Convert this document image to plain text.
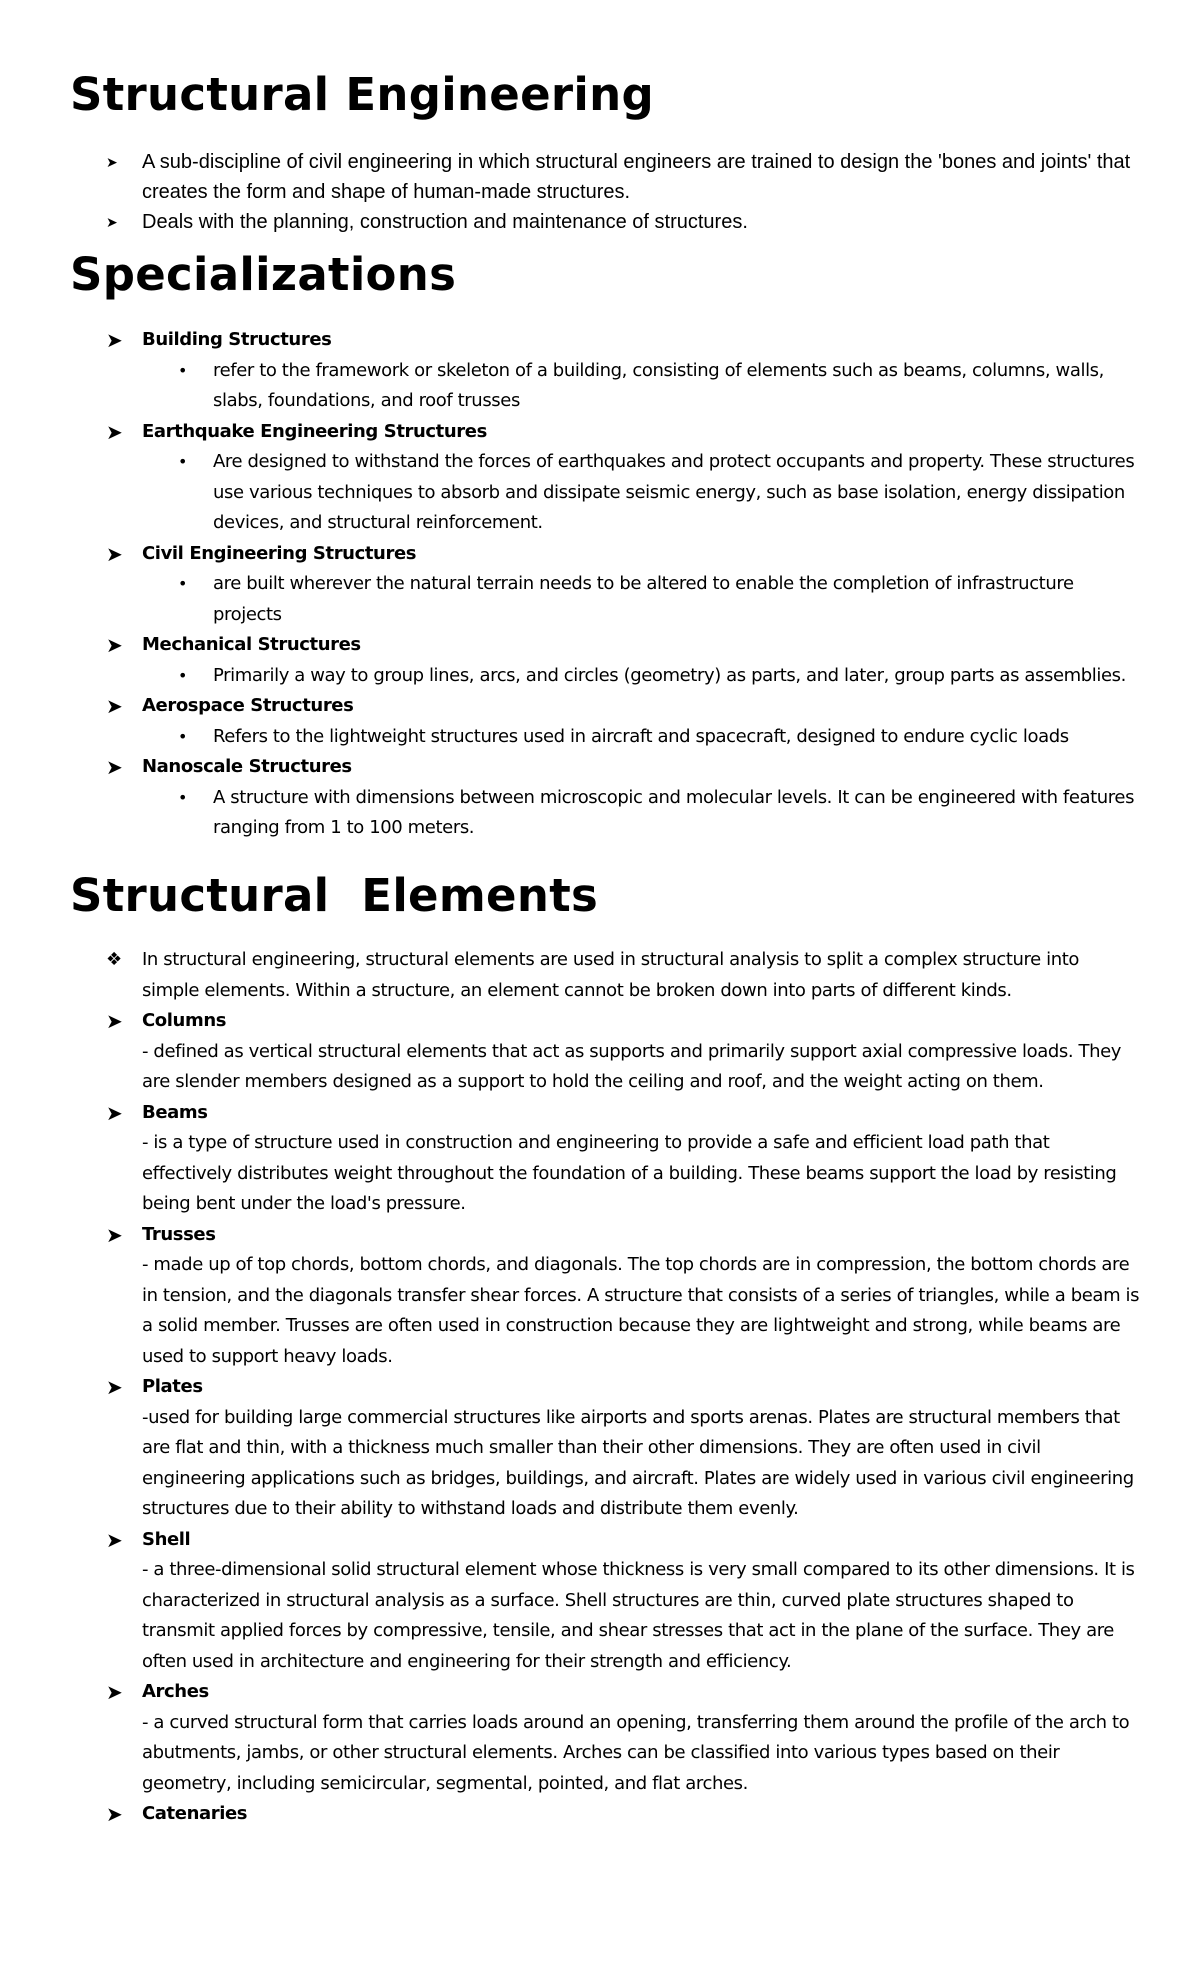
Structural Engineering
➤ A sub-discipline of civil engineering in which structural engineers are trained to design the 'bones and joints' that creates the form and shape of human-made structures.
➤ Deals with the planning, construction and maintenance of structures.
Specializations
➤ Building Structures
• refer to the framework or skeleton of a building, consisting of elements such as beams, columns, walls, slabs, foundations, and roof trusses
➤ Earthquake Engineering Structures
• Are designed to withstand the forces of earthquakes and protect occupants and property. These structures use various techniques to absorb and dissipate seismic energy, such as base isolation, energy dissipation devices, and structural reinforcement.
➤ Civil Engineering Structures
• are built wherever the natural terrain needs to be altered to enable the completion of infrastructure projects
➤ Mechanical Structures
• Primarily a way to group lines, arcs, and circles (geometry) as parts, and later, group parts as assemblies.
➤ Aerospace Structures
• Refers to the lightweight structures used in aircraft and spacecraft, designed to endure cyclic loads
➤ Nanoscale Structures
• A structure with dimensions between microscopic and molecular levels. It can be engineered with features ranging from 1 to 100 meters.
Structural  Elements
❖ In structural engineering, structural elements are used in structural analysis to split a complex structure into simple elements. Within a structure, an element cannot be broken down into parts of different kinds.
➤ Columns
- defined as vertical structural elements that act as supports and primarily support axial compressive loads. They are slender members designed as a support to hold the ceiling and roof, and the weight acting on them.
➤ Beams
- is a type of structure used in construction and engineering to provide a safe and efficient load path that effectively distributes weight throughout the foundation of a building. These beams support the load by resisting being bent under the load's pressure.
➤ Trusses
- made up of top chords, bottom chords, and diagonals. The top chords are in compression, the bottom chords are in tension, and the diagonals transfer shear forces. A structure that consists of a series of triangles, while a beam is a solid member. Trusses are often used in construction because they are lightweight and strong, while beams are used to support heavy loads.
➤ Plates
-used for building large commercial structures like airports and sports arenas. Plates are structural members that are flat and thin, with a thickness much smaller than their other dimensions. They are often used in civil engineering applications such as bridges, buildings, and aircraft. Plates are widely used in various civil engineering structures due to their ability to withstand loads and distribute them evenly.
➤ Shell
- a three-dimensional solid structural element whose thickness is very small compared to its other dimensions. It is characterized in structural analysis as a surface. Shell structures are thin, curved plate structures shaped to transmit applied forces by compressive, tensile, and shear stresses that act in the plane of the surface. They are often used in architecture and engineering for their strength and efficiency.
➤ Arches
- a curved structural form that carries loads around an opening, transferring them around the profile of the arch to abutments, jambs, or other structural elements. Arches can be classified into various types based on their geometry, including semicircular, segmental, pointed, and flat arches.
➤ Catenaries
